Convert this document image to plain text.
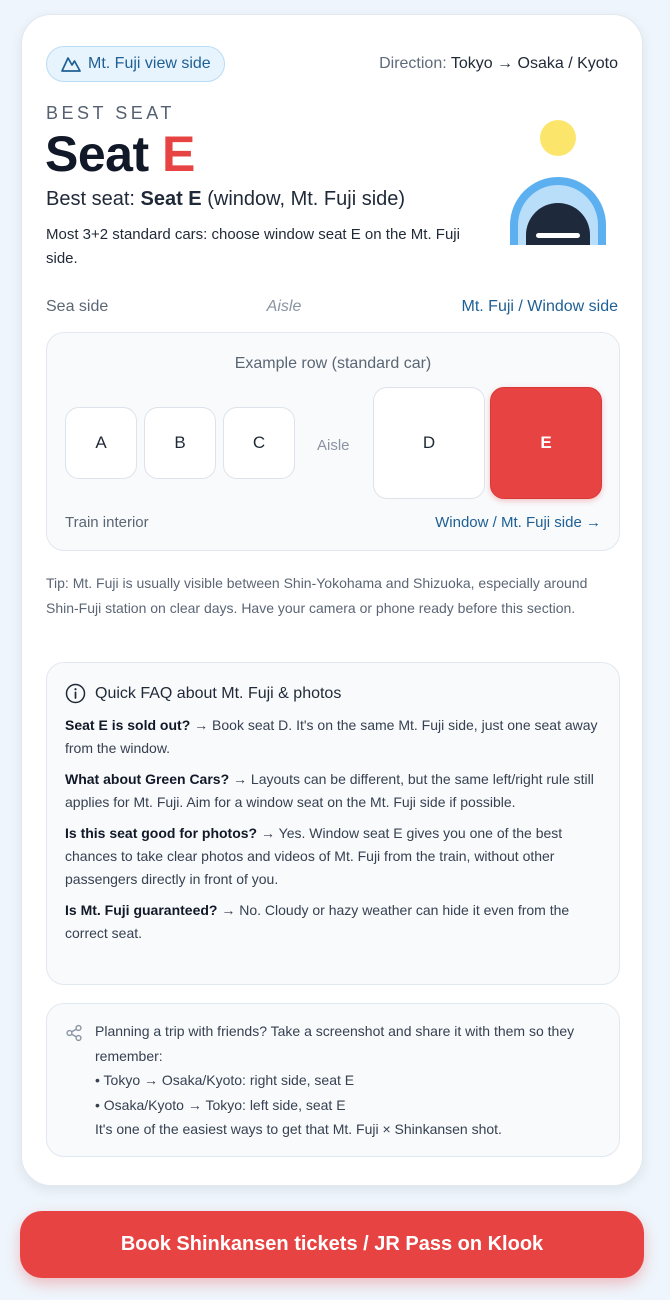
Mt. Fuji view side	Direction: Tokyo → Osaka / Kyoto
BEST SEAT
Seat E
Best seat: Seat E (window, Mt. Fuji side)
Most 3+2 standard cars: choose window seat E on the Mt. Fuji side.
Sea side	Aisle	Mt. Fuji / Window side
Example row (standard car)
A	B	C	Aisle	D	E
Train interior	Window / Mt. Fuji side →
Tip: Mt. Fuji is usually visible between Shin-Yokohama and Shizuoka, especially around Shin-Fuji station on clear days. Have your camera or phone ready before this section.
Quick FAQ about Mt. Fuji & photos
Seat E is sold out? → Book seat D. It's on the same Mt. Fuji side, just one seat away from the window.
What about Green Cars? → Layouts can be different, but the same left/right rule still applies for Mt. Fuji. Aim for a window seat on the Mt. Fuji side if possible.
Is this seat good for photos? → Yes. Window seat E gives you one of the best chances to take clear photos and videos of Mt. Fuji from the train, without other passengers directly in front of you.
Is Mt. Fuji guaranteed? → No. Cloudy or hazy weather can hide it even from the correct seat.
Planning a trip with friends? Take a screenshot and share it with them so they remember:
• Tokyo → Osaka/Kyoto: right side, seat E
• Osaka/Kyoto → Tokyo: left side, seat E
It's one of the easiest ways to get that Mt. Fuji × Shinkansen shot.
Book Shinkansen tickets / JR Pass on Klook
